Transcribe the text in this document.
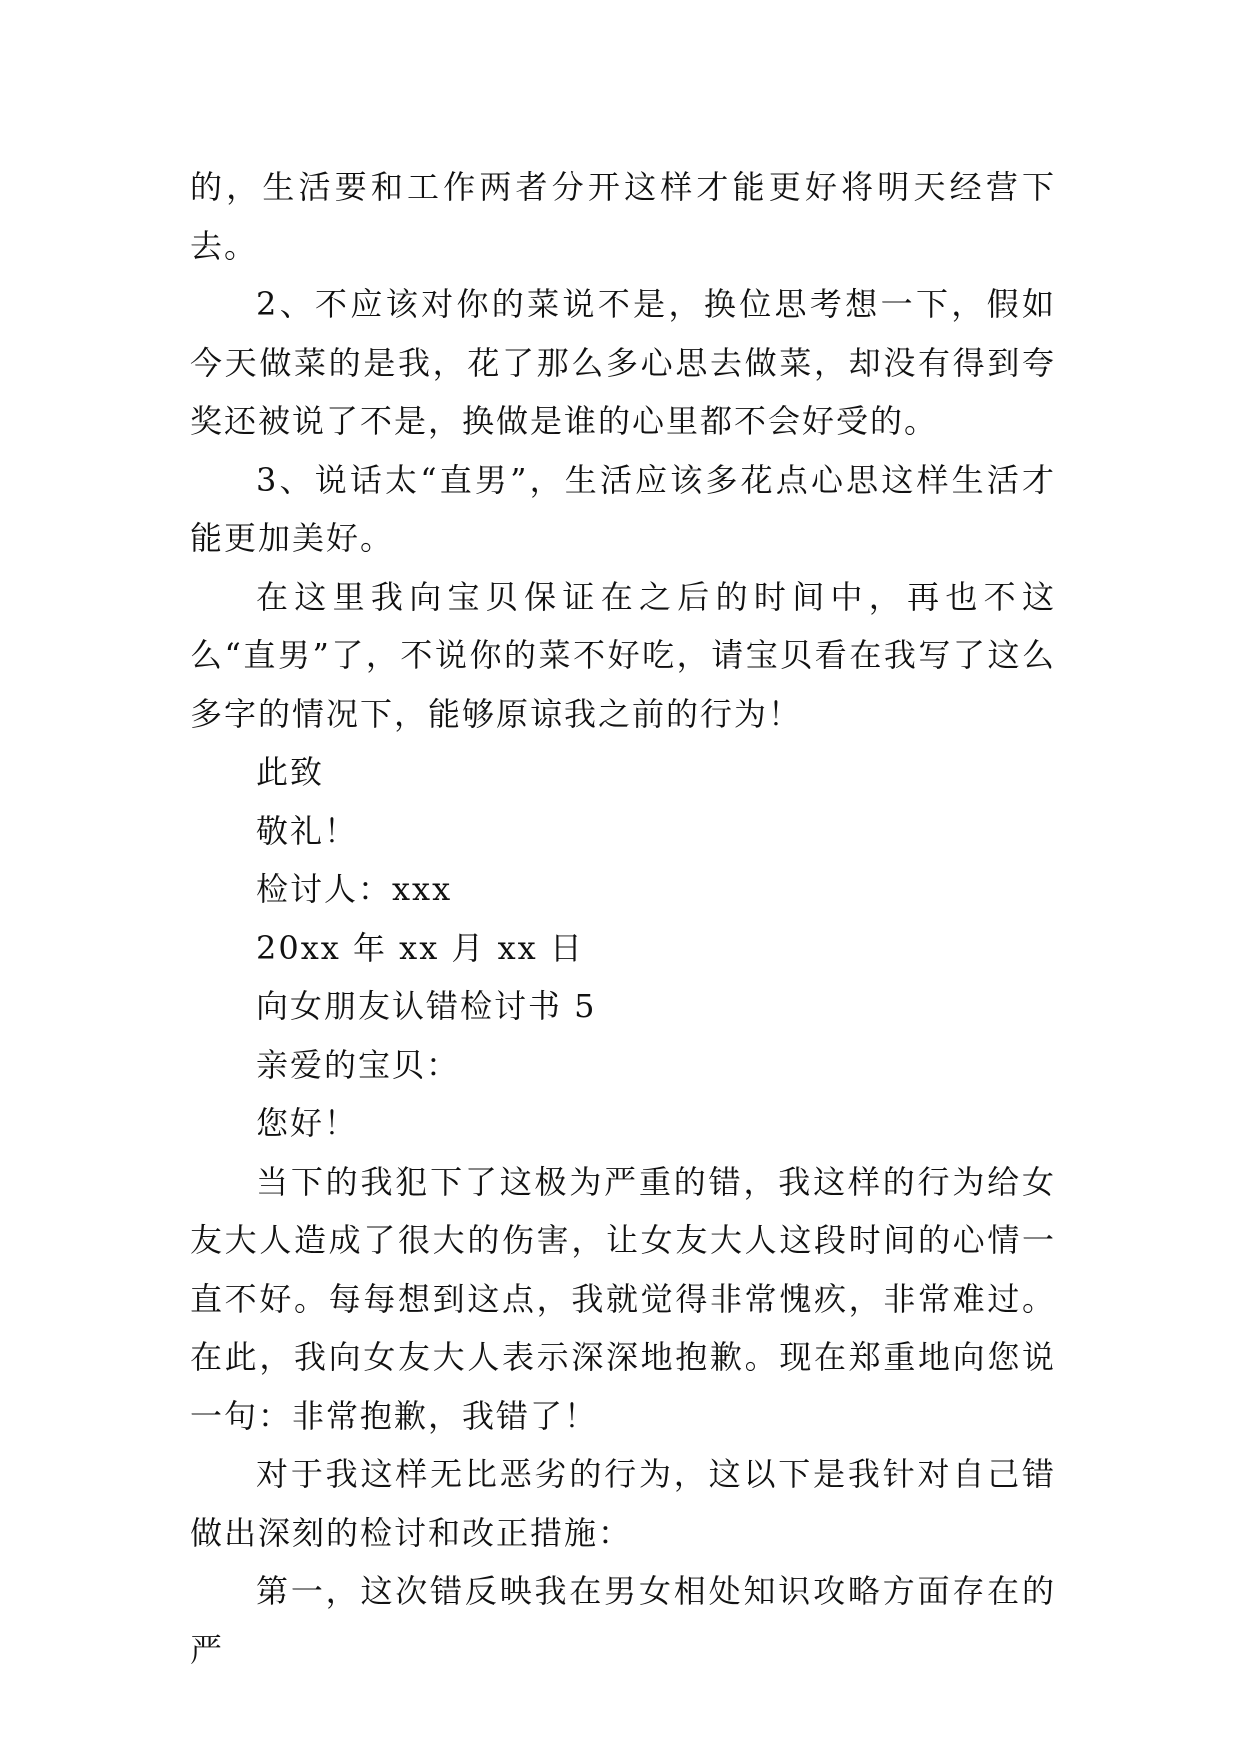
的，生活要和工作两者分开这样才能更好将明天经营下去。

2、不应该对你的菜说不是，换位思考想一下，假如今天做菜的是我，花了那么多心思去做菜，却没有得到夸奖还被说了不是，换做是谁的心里都不会好受的。

3、说话太“直男”，生活应该多花点心思这样生活才能更加美好。

在这里我向宝贝保证在之后的时间中，再也不这么“直男”了，不说你的菜不好吃，请宝贝看在我写了这么多字的情况下，能够原谅我之前的行为！

此致

敬礼！

检讨人：xxx

20xx 年 xx 月 xx 日

向女朋友认错检讨书 5

亲爱的宝贝：

您好！

当下的我犯下了这极为严重的错，我这样的行为给女友大人造成了很大的伤害，让女友大人这段时间的心情一直不好。每每想到这点，我就觉得非常愧疚，非常难过。在此，我向女友大人表示深深地抱歉。现在郑重地向您说一句：非常抱歉，我错了！

对于我这样无比恶劣的行为，这以下是我针对自己错做出深刻的检讨和改正措施：

第一，这次错反映我在男女相处知识攻略方面存在的严
